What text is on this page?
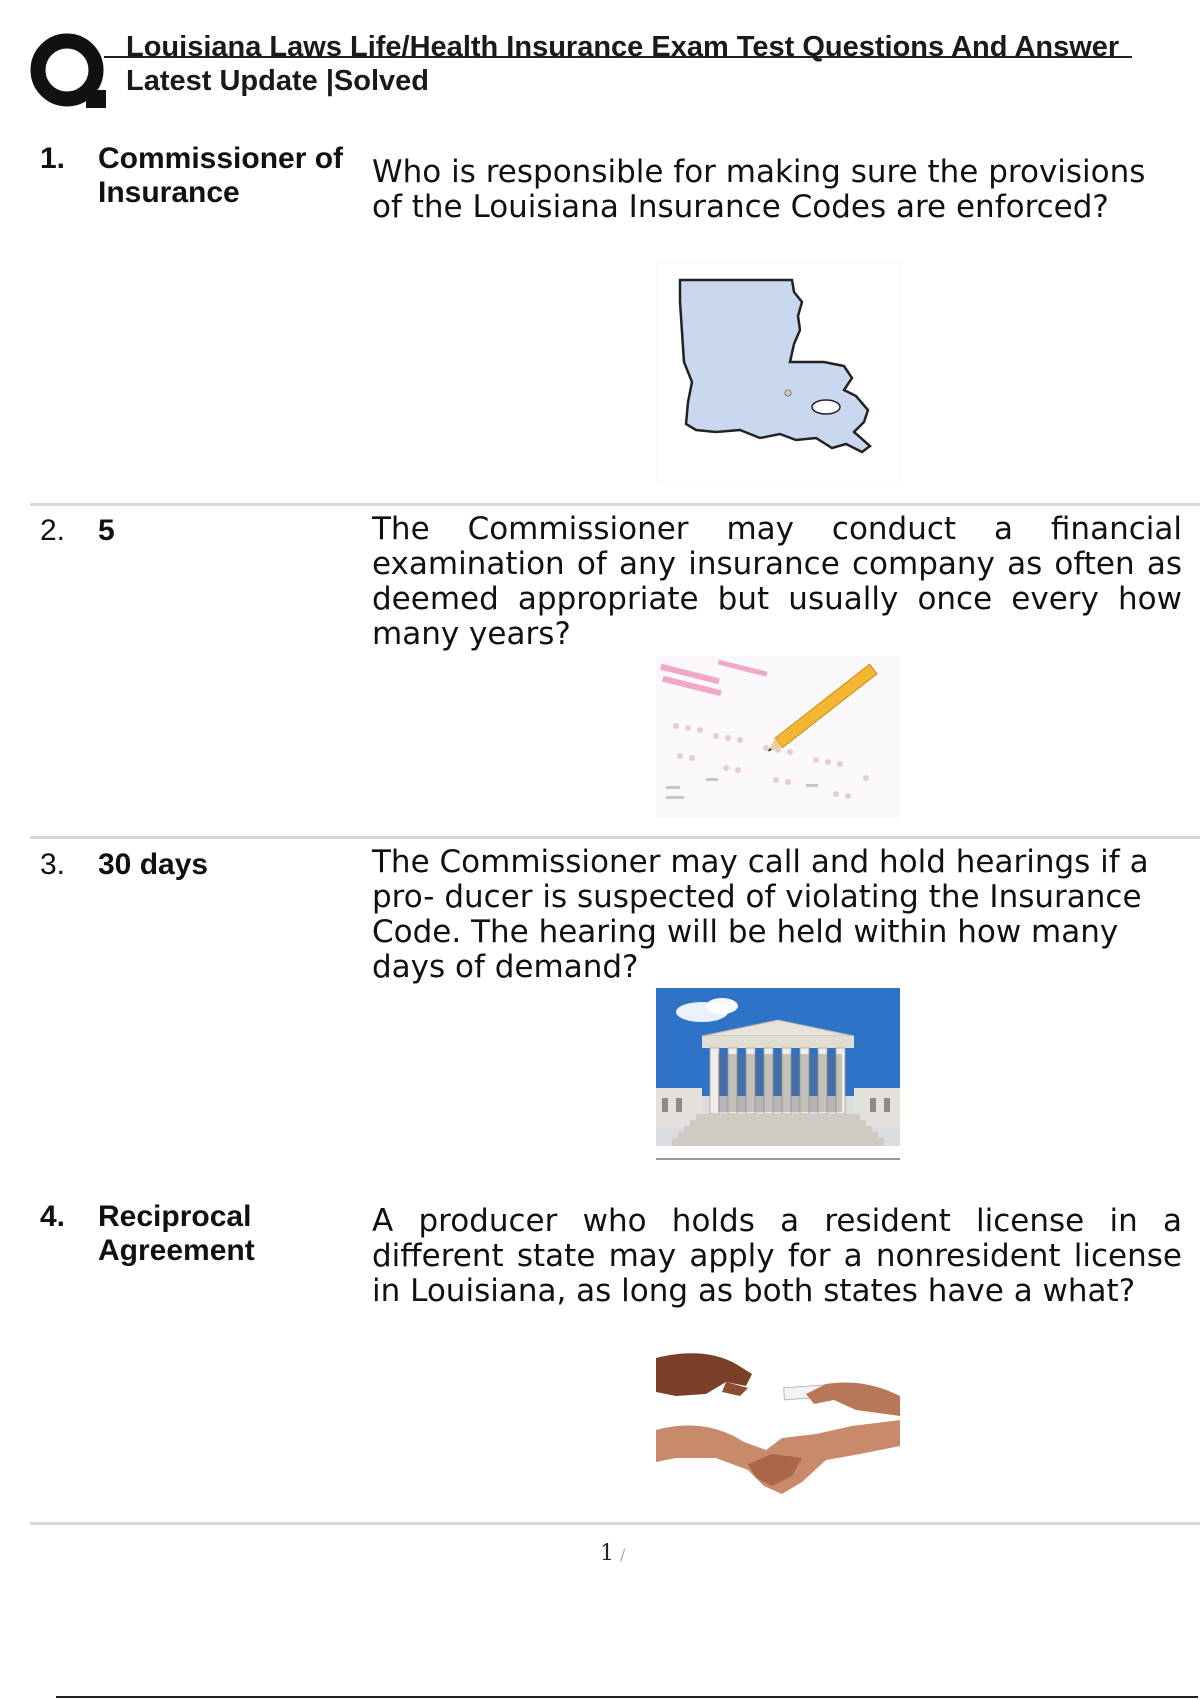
Louisiana Laws Life/Health Insurance Exam Test Questions And Answer Latest Update |Solved
1. Commissioner of Insurance
Who is responsible for making sure the provisions of the Louisiana Insurance Codes are enforced?
2. 5	The Commissioner may conduct a financial examination of any insurance company as often as deemed appropriate but usually once every how many years?
3. 30 days	The Commissioner may call and hold hearings if a pro- ducer is suspected of violating the Insurance Code. The hearing will be held within how many days of demand?
4. Reciprocal Agreement
A producer who holds a resident license in a different state may apply for a nonresident license in Louisiana, as long as both states have a what?
1 /
